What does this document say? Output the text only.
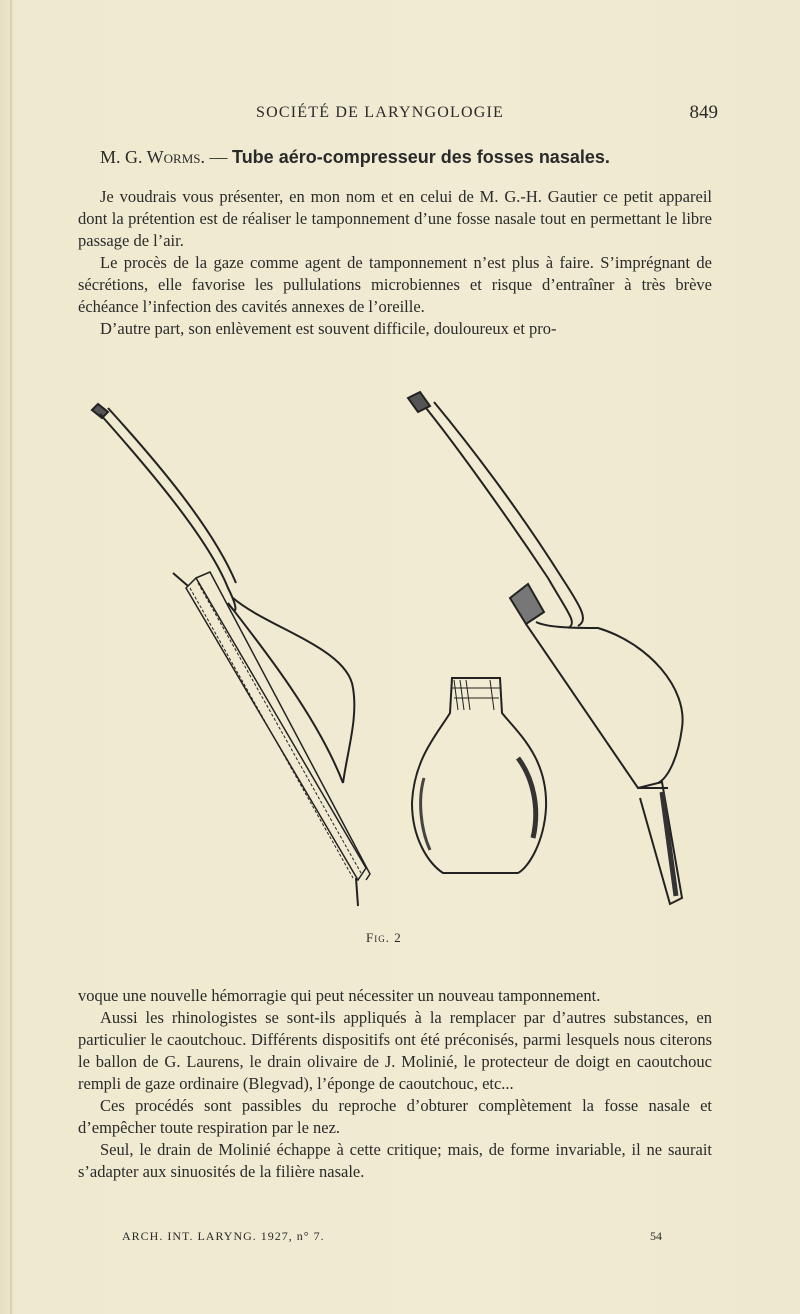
SOCIÉTÉ DE LARYNGOLOGIE	849
M. G. Worms. — Tube aéro-compresseur des fosses nasales.

Je voudrais vous présenter, en mon nom et en celui de M. G.-H. Gautier ce petit appareil dont la prétention est de réaliser le tamponnement d’une fosse nasale tout en permettant le libre passage de l’air.

Le procès de la gaze comme agent de tamponnement n’est plus à faire. S’imprégnant de sécrétions, elle favorise les pullulations microbiennes et risque d’entraîner à très brève échéance l’infection des cavités annexes de l’oreille.

D’autre part, son enlèvement est souvent difficile, douloureux et pro-

Fig. 2

voque une nouvelle hémorragie qui peut nécessiter un nouveau tamponnement.

Aussi les rhinologistes se sont-ils appliqués à la remplacer par d’autres substances, en particulier le caoutchouc. Différents dispositifs ont été préconisés, parmi lesquels nous citerons le ballon de G. Laurens, le drain olivaire de J. Molinié, le protecteur de doigt en caoutchouc rempli de gaze ordinaire (Blegvad), l’éponge de caoutchouc, etc...

Ces procédés sont passibles du reproche d’obturer complètement la fosse nasale et d’empêcher toute respiration par le nez.

Seul, le drain de Molinié échappe à cette critique; mais, de forme invariable, il ne saurait s’adapter aux sinuosités de la filière nasale.

ARCH. INT. LARYNG. 1927, n° 7.	54
